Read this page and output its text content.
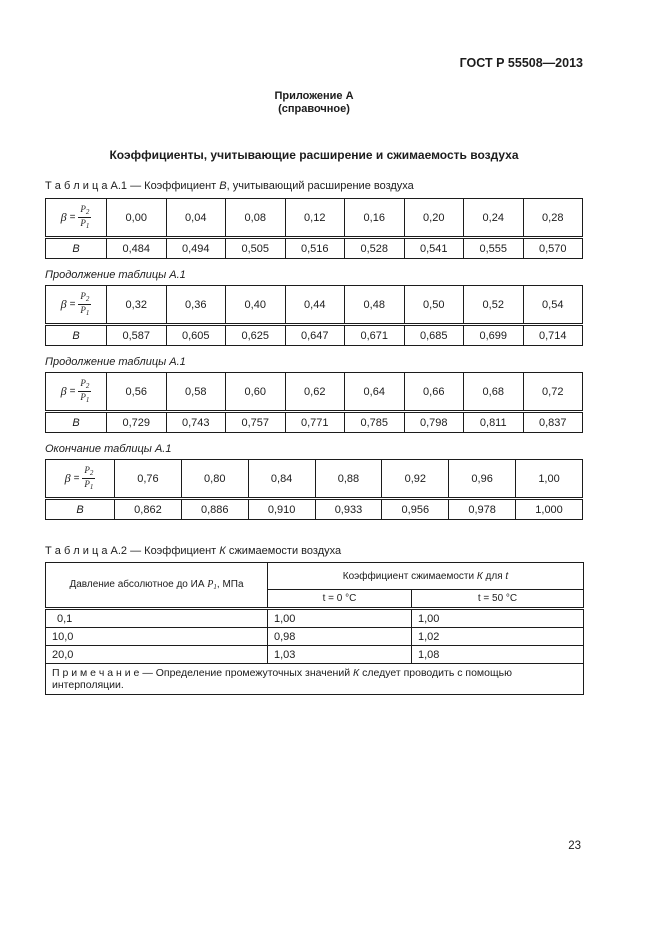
ГОСТ Р 55508—2013
Приложение А
(справочное)
Коэффициенты, учитывающие расширение и сжимаемость воздуха

Т а б л и ц а А.1 — Коэффициент В, учитывающий расширение воздуха

$\beta = \frac{P_2}{P_1}$	0,00	0,04	0,08	0,12	0,16	0,20	0,24	0,28
В	0,484	0,494	0,505	0,516	0,528	0,541	0,555	0,570

Продолжение таблицы А.1

$\beta = \frac{P_2}{P_1}$	0,32	0,36	0,40	0,44	0,48	0,50	0,52	0,54
В	0,587	0,605	0,625	0,647	0,671	0,685	0,699	0,714

Продолжение таблицы А.1

$\beta = \frac{P_2}{P_1}$	0,56	0,58	0,60	0,62	0,64	0,66	0,68	0,72
В	0,729	0,743	0,757	0,771	0,785	0,798	0,811	0,837

Окончание таблицы А.1

$\beta = \frac{P_2}{P_1}$	0,76	0,80	0,84	0,88	0,92	0,96	1,00
В	0,862	0,886	0,910	0,933	0,956	0,978	1,000

Т а б л и ц а А.2 — Коэффициент К сжимаемости воздуха

Давление абсолютное до ИА $Р_1$, МПа	Коэффициент сжимаемости К для t	
	t = 0 °С	t = 50 °С
0,1	1,00	1,00
10,0	0,98	1,02
20,0	1,03	1,08
П р и м е ч а н и е — Определение промежуточных значений К следует проводить с помощью интерполяции.		
23
